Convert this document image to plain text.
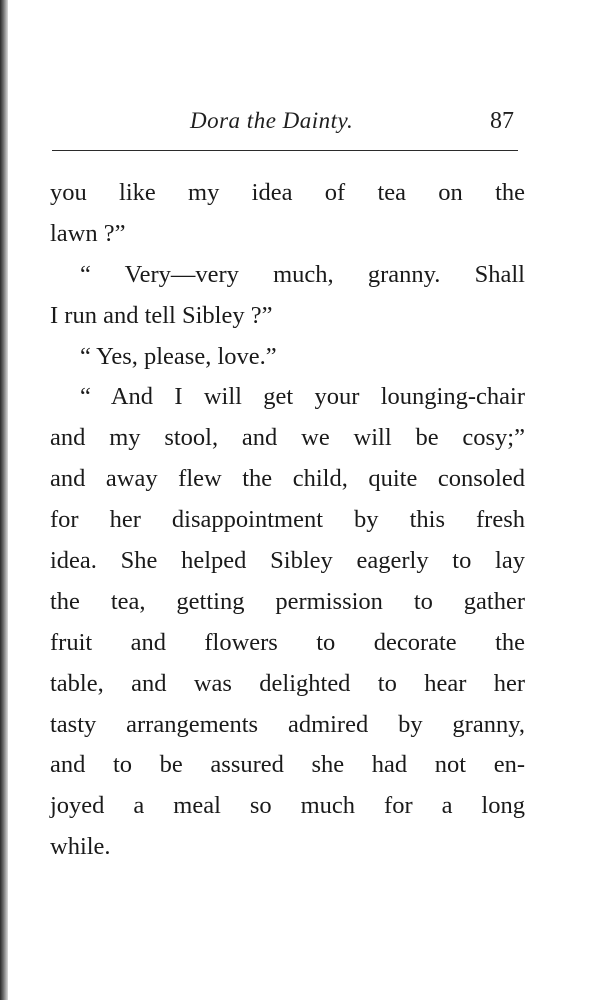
Dora the Dainty.	87
you like my idea of tea on the
lawn ?”
“ Very—very much, granny. Shall
I run and tell Sibley ?”
“ Yes, please, love.”
“ And I will get your lounging-chair
and my stool, and we will be cosy;”
and away flew the child, quite consoled
for her disappointment by this fresh
idea. She helped Sibley eagerly to lay
the tea, getting permission to gather
fruit and flowers to decorate the
table, and was delighted to hear her
tasty arrangements admired by granny,
and to be assured she had not en-
joyed a meal so much for a long
while.
